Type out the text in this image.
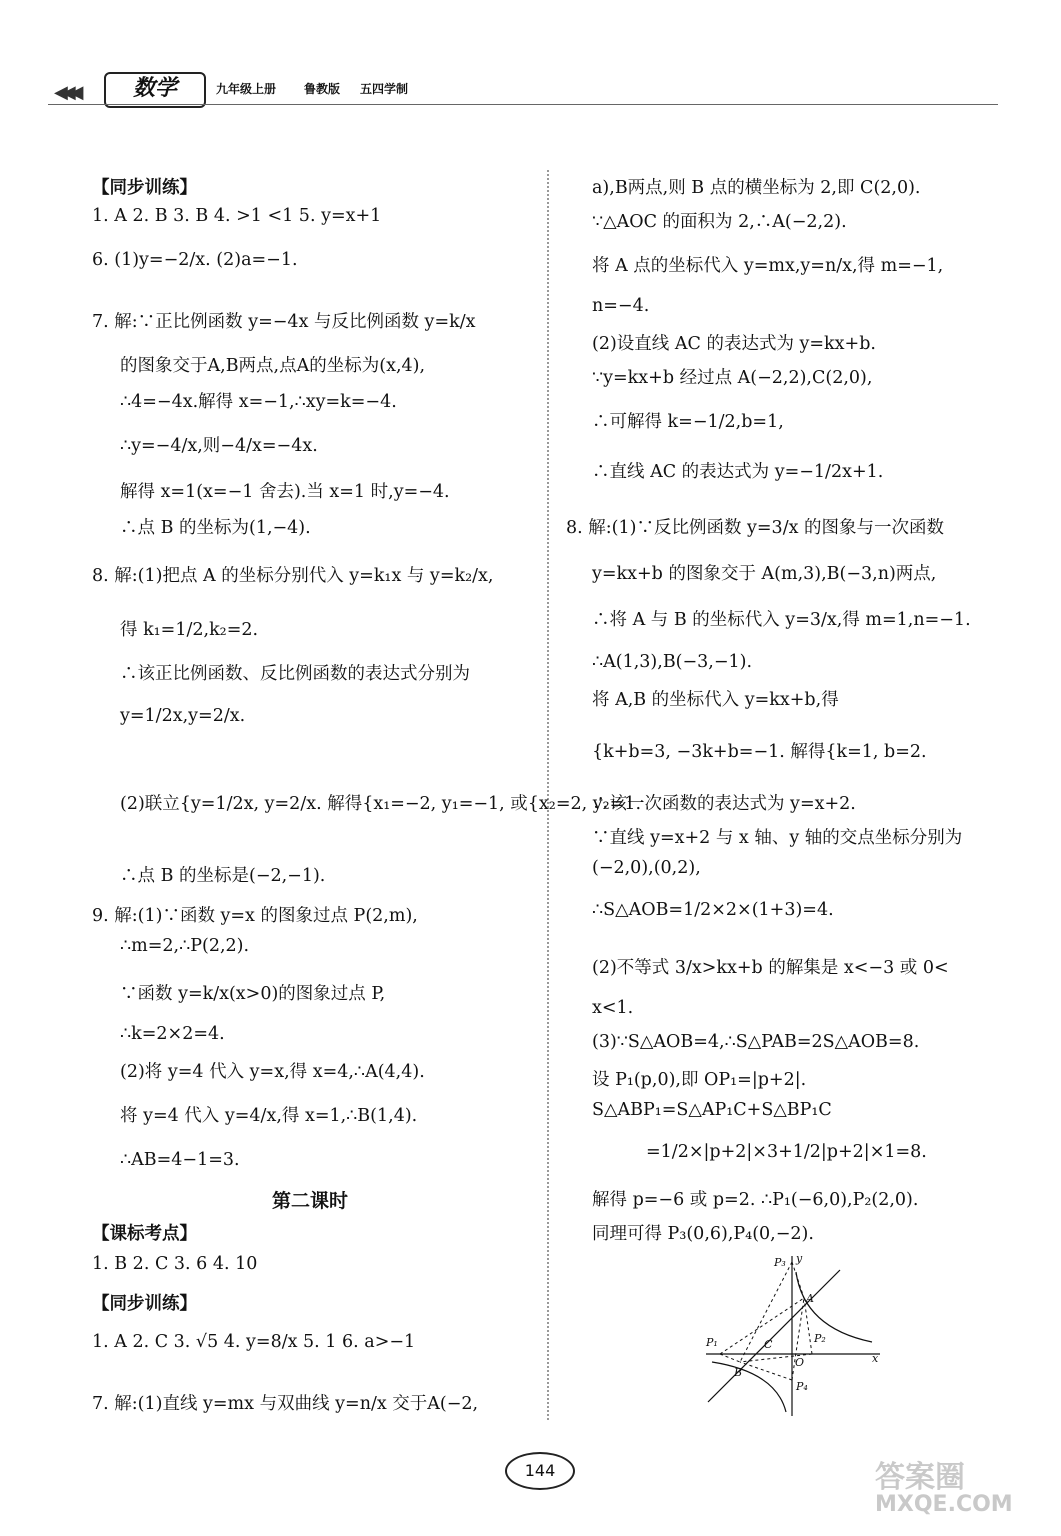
◀◀◀	数学	九年级上册 鲁教版 五四学制
【同步训练】
1. A 2. B 3. B 4. >1 <1 5. y=x+1
6. (1)y=−2/x. (2)a=−1.
7. 解:∵正比例函数 y=−4x 与反比例函数 y=k/x
的图象交于A,B两点,点A的坐标为(x,4),
∴4=−4x.解得 x=−1,∴xy=k=−4.
∴y=−4/x,则−4/x=−4x.
解得 x=1(x=−1 舍去).当 x=1 时,y=−4.
∴点 B 的坐标为(1,−4).
8. 解:(1)把点 A 的坐标分别代入 y=k₁x 与 y=k₂/x,
得 k₁=1/2,k₂=2.
∴该正比例函数、反比例函数的表达式分别为
y=1/2x,y=2/x.
(2)联立{y=1/2x, y=2/x. 解得{x₁=−2, y₁=−1, 或{x₂=2, y₂=1.
∴点 B 的坐标是(−2,−1).
9. 解:(1)∵函数 y=x 的图象过点 P(2,m),
∴m=2,∴P(2,2).
∵函数 y=k/x(x>0)的图象过点 P,
∴k=2×2=4.
(2)将 y=4 代入 y=x,得 x=4,∴A(4,4).
将 y=4 代入 y=4/x,得 x=1,∴B(1,4).
∴AB=4−1=3.
第二课时
【课标考点】
1. B 2. C 3. 6 4. 10
【同步训练】
1. A 2. C 3. √5 4. y=8/x 5. 1 6. a>−1
7. 解:(1)直线 y=mx 与双曲线 y=n/x 交于A(−2,
a),B两点,则 B 点的横坐标为 2,即 C(2,0).
∵△AOC 的面积为 2,∴A(−2,2).
将 A 点的坐标代入 y=mx,y=n/x,得 m=−1,
n=−4.
(2)设直线 AC 的表达式为 y=kx+b.
∵y=kx+b 经过点 A(−2,2),C(2,0),
∴可解得 k=−1/2,b=1,
∴直线 AC 的表达式为 y=−1/2x+1.
8. 解:(1)∵反比例函数 y=3/x 的图象与一次函数
y=kx+b 的图象交于 A(m,3),B(−3,n)两点,
∴将 A 与 B 的坐标代入 y=3/x,得 m=1,n=−1.
∴A(1,3),B(−3,−1).
将 A,B 的坐标代入 y=kx+b,得
{k+b=3, −3k+b=−1. 解得{k=1, b=2.
∴该一次函数的表达式为 y=x+2.
∵直线 y=x+2 与 x 轴、y 轴的交点坐标分别为
(−2,0),(0,2),
∴S△AOB=1/2×2×(1+3)=4.
(2)不等式 3/x>kx+b 的解集是 x<−3 或 0<
x<1.
(3)∵S△AOB=4,∴S△PAB=2S△AOB=8.
设 P₁(p,0),即 OP₁=|p+2|.
S△ABP₁=S△AP₁C+S△BP₁C
=1/2×|p+2|×3+1/2|p+2|×1=8.
解得 p=−6 或 p=2. ∴P₁(−6,0),P₂(2,0).
同理可得 P₃(0,6),P₄(0,−2).
P₃ y
A
P₁	C	P₂
O	x
B
P₄
144	答案圈
MXQE.COM
